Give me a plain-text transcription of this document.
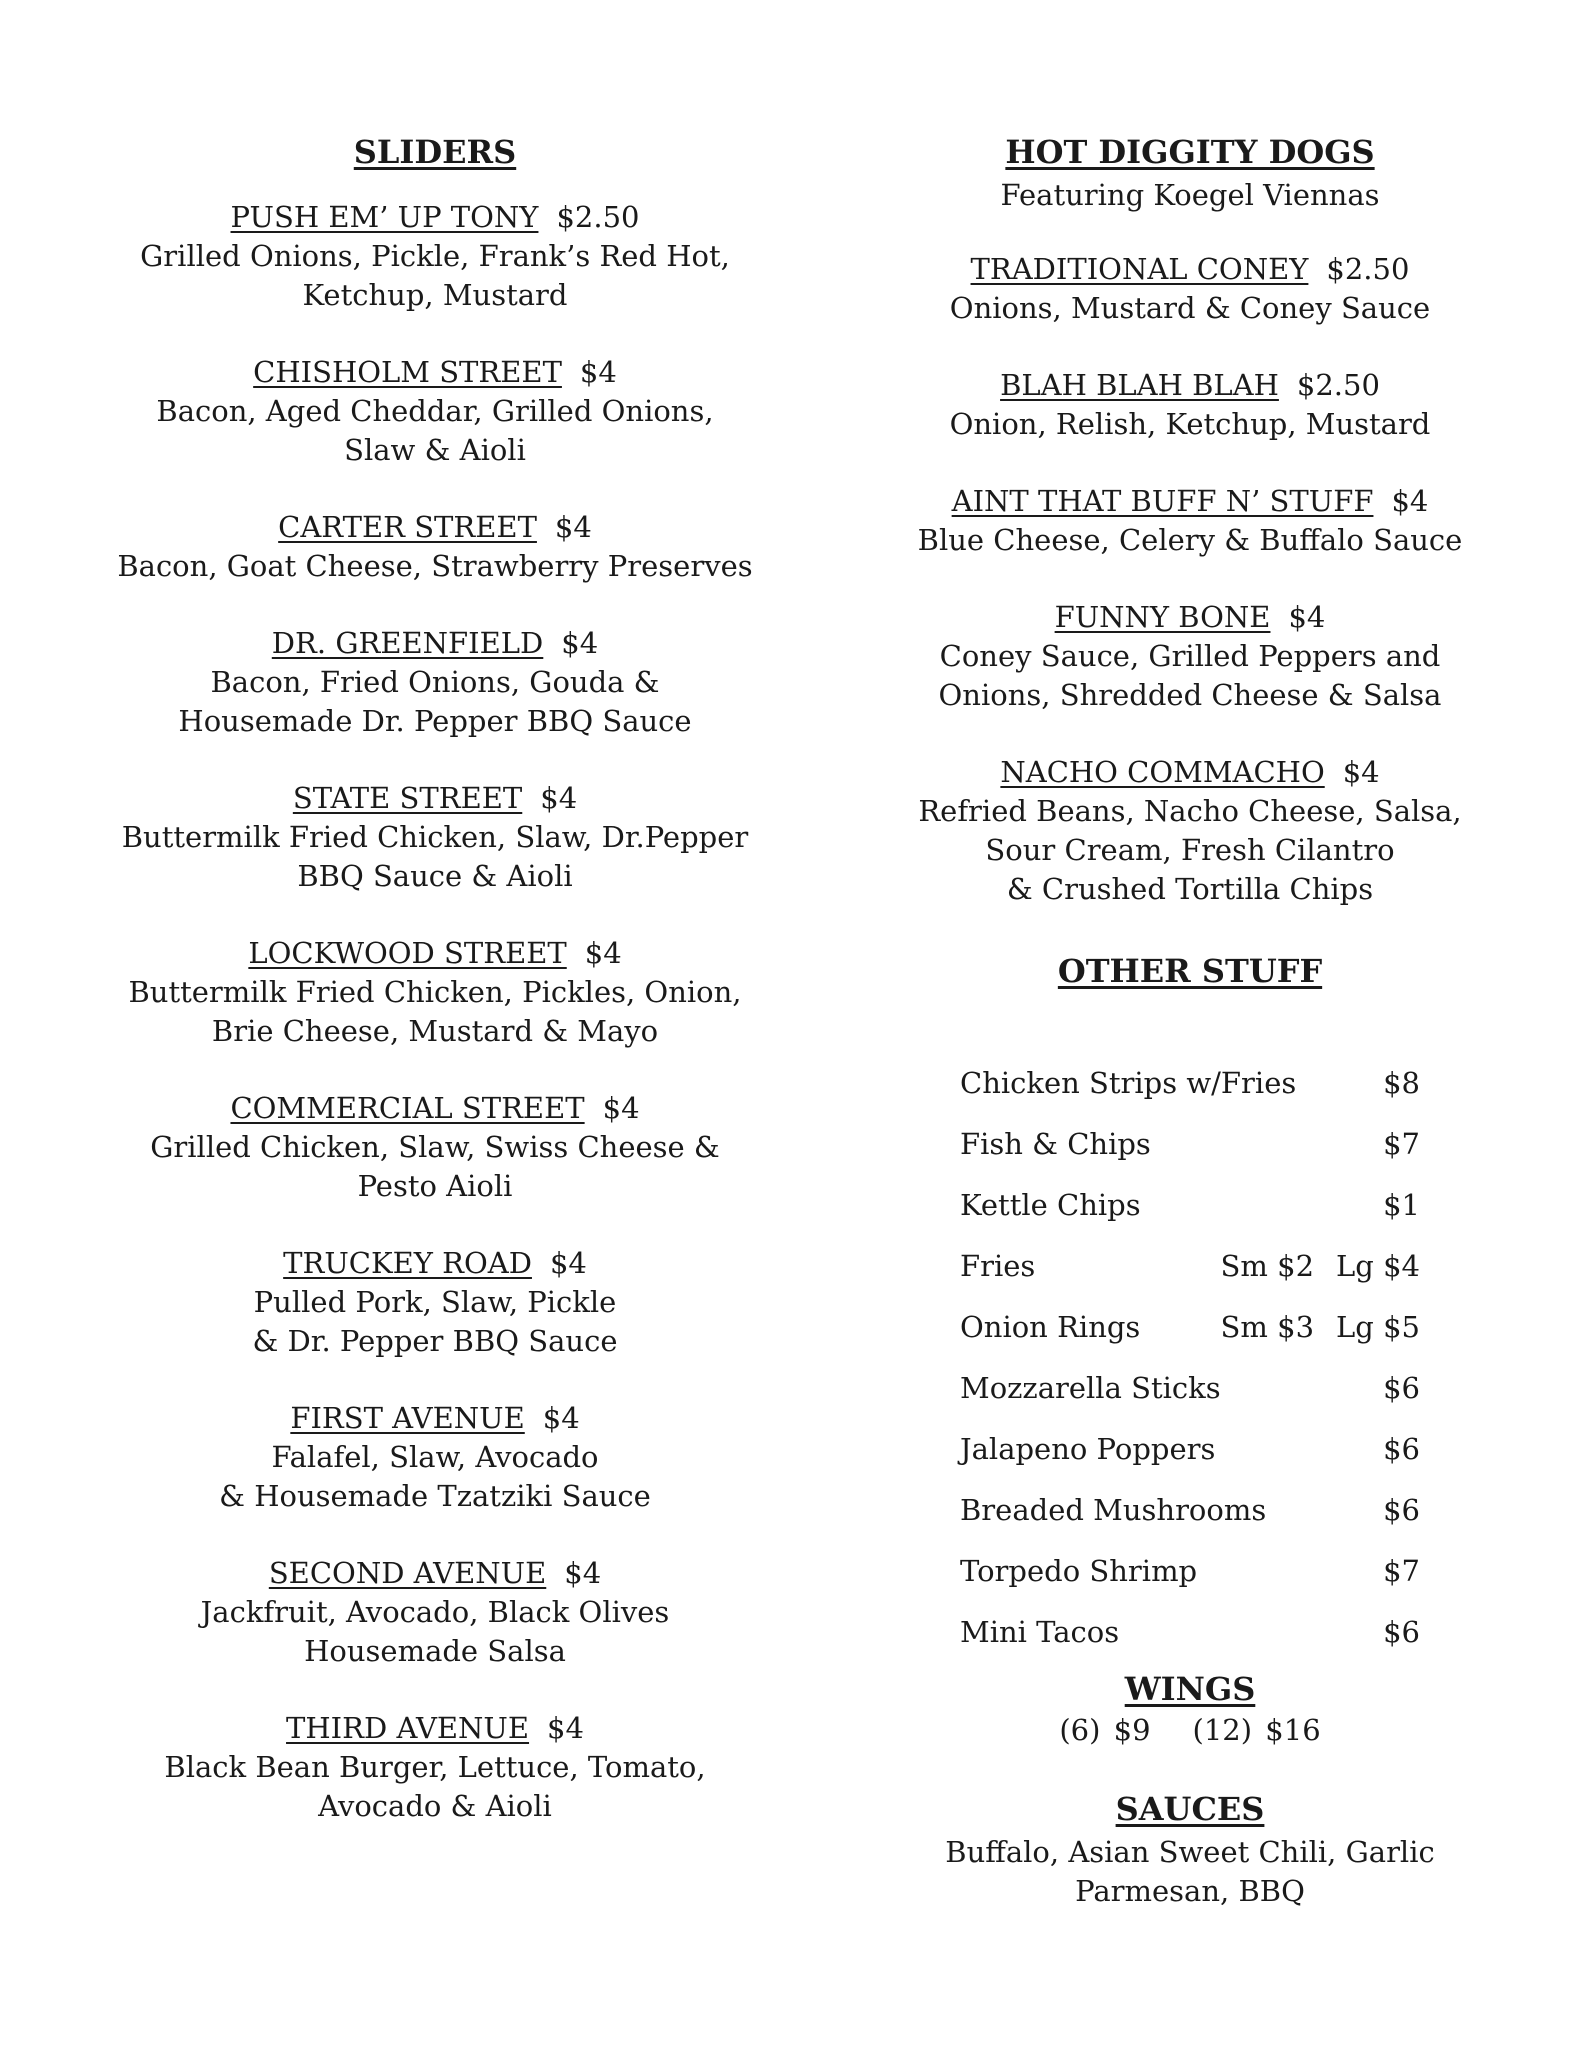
SLIDERS
PUSH EM’ UP TONY $2.50
Grilled Onions, Pickle, Frank’s Red Hot,
Ketchup, Mustard
CHISHOLM STREET $4
Bacon, Aged Cheddar, Grilled Onions,
Slaw & Aioli
CARTER STREET $4
Bacon, Goat Cheese, Strawberry Preserves
DR. GREENFIELD $4
Bacon, Fried Onions, Gouda &
Housemade Dr. Pepper BBQ Sauce
STATE STREET $4
Buttermilk Fried Chicken, Slaw, Dr.Pepper
BBQ Sauce & Aioli
LOCKWOOD STREET $4
Buttermilk Fried Chicken, Pickles, Onion,
Brie Cheese, Mustard & Mayo
COMMERCIAL STREET $4
Grilled Chicken, Slaw, Swiss Cheese &
Pesto Aioli
TRUCKEY ROAD $4
Pulled Pork, Slaw, Pickle
& Dr. Pepper BBQ Sauce
FIRST AVENUE $4
Falafel, Slaw, Avocado
& Housemade Tzatziki Sauce
SECOND AVENUE $4
Jackfruit, Avocado, Black Olives
Housemade Salsa
THIRD AVENUE $4
Black Bean Burger, Lettuce, Tomato,
Avocado & Aioli
HOT DIGGITY DOGS
Featuring Koegel Viennas
TRADITIONAL CONEY $2.50
Onions, Mustard & Coney Sauce
BLAH BLAH BLAH $2.50
Onion, Relish, Ketchup, Mustard
AINT THAT BUFF N’ STUFF $4
Blue Cheese, Celery & Buffalo Sauce
FUNNY BONE $4
Coney Sauce, Grilled Peppers and
Onions, Shredded Cheese & Salsa
NACHO COMMACHO $4
Refried Beans, Nacho Cheese, Salsa,
Sour Cream, Fresh Cilantro
& Crushed Tortilla Chips
OTHER STUFF
Chicken Strips w/Fries	$8
Fish & Chips	$7
Kettle Chips	$1
Fries	Sm $2 Lg $4
Onion Rings	Sm $3 Lg $5
Mozzarella Sticks	$6
Jalapeno Poppers	$6
Breaded Mushrooms	$6
Torpedo Shrimp	$7
Mini Tacos	$6
WINGS
(6) $9 (12) $16
SAUCES
Buffalo, Asian Sweet Chili, Garlic
Parmesan, BBQ
